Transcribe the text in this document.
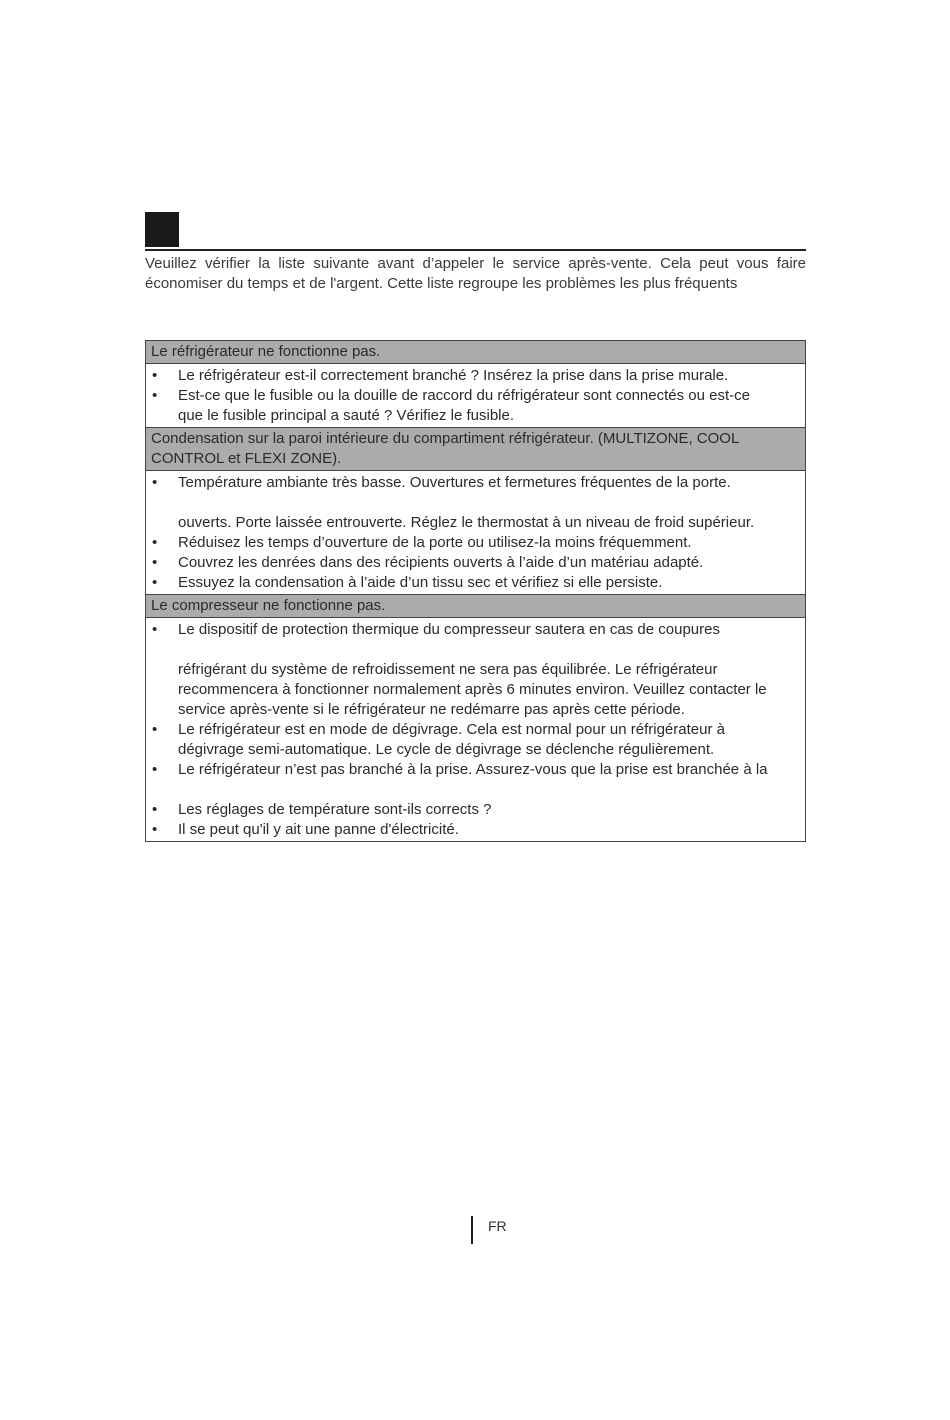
Veuillez vérifier la liste suivante avant d’appeler le service après-vente. Cela peut vous faire

économiser du temps et de l'argent. Cette liste regroupe les problèmes les plus fréquents

Le réfrigérateur ne fonctionne pas.
• Le réfrigérateur est-il correctement branché ? Insérez la prise dans la prise murale.
• Est-ce que le fusible ou la douille de raccord du réfrigérateur sont connectés ou est-ce
que le fusible principal a sauté ? Vérifiez le fusible.
Condensation sur la paroi intérieure du compartiment réfrigérateur. (MULTIZONE, COOL
CONTROL et FLEXI ZONE).
• Température ambiante très basse. Ouvertures et fermetures fréquentes de la porte.
ouverts. Porte laissée entrouverte. Réglez le thermostat à un niveau de froid supérieur.
• Réduisez les temps d’ouverture de la porte ou utilisez-la moins fréquemment.
• Couvrez les denrées dans des récipients ouverts à l’aide d’un matériau adapté.
• Essuyez la condensation à l’aide d’un tissu sec et vérifiez si elle persiste.
Le compresseur ne fonctionne pas.
• Le dispositif de protection thermique du compresseur sautera en cas de coupures
réfrigérant du système de refroidissement ne sera pas équilibrée. Le réfrigérateur
recommencera à fonctionner normalement après 6 minutes environ. Veuillez contacter le
service après-vente si le réfrigérateur ne redémarre pas après cette période.
• Le réfrigérateur est en mode de dégivrage. Cela est normal pour un réfrigérateur à
dégivrage semi-automatique. Le cycle de dégivrage se déclenche régulièrement.
• Le réfrigérateur n’est pas branché à la prise. Assurez-vous que la prise est branchée à la
• Les réglages de température sont-ils corrects ?
• Il se peut qu'il y ait une panne d'électricité.
FR
